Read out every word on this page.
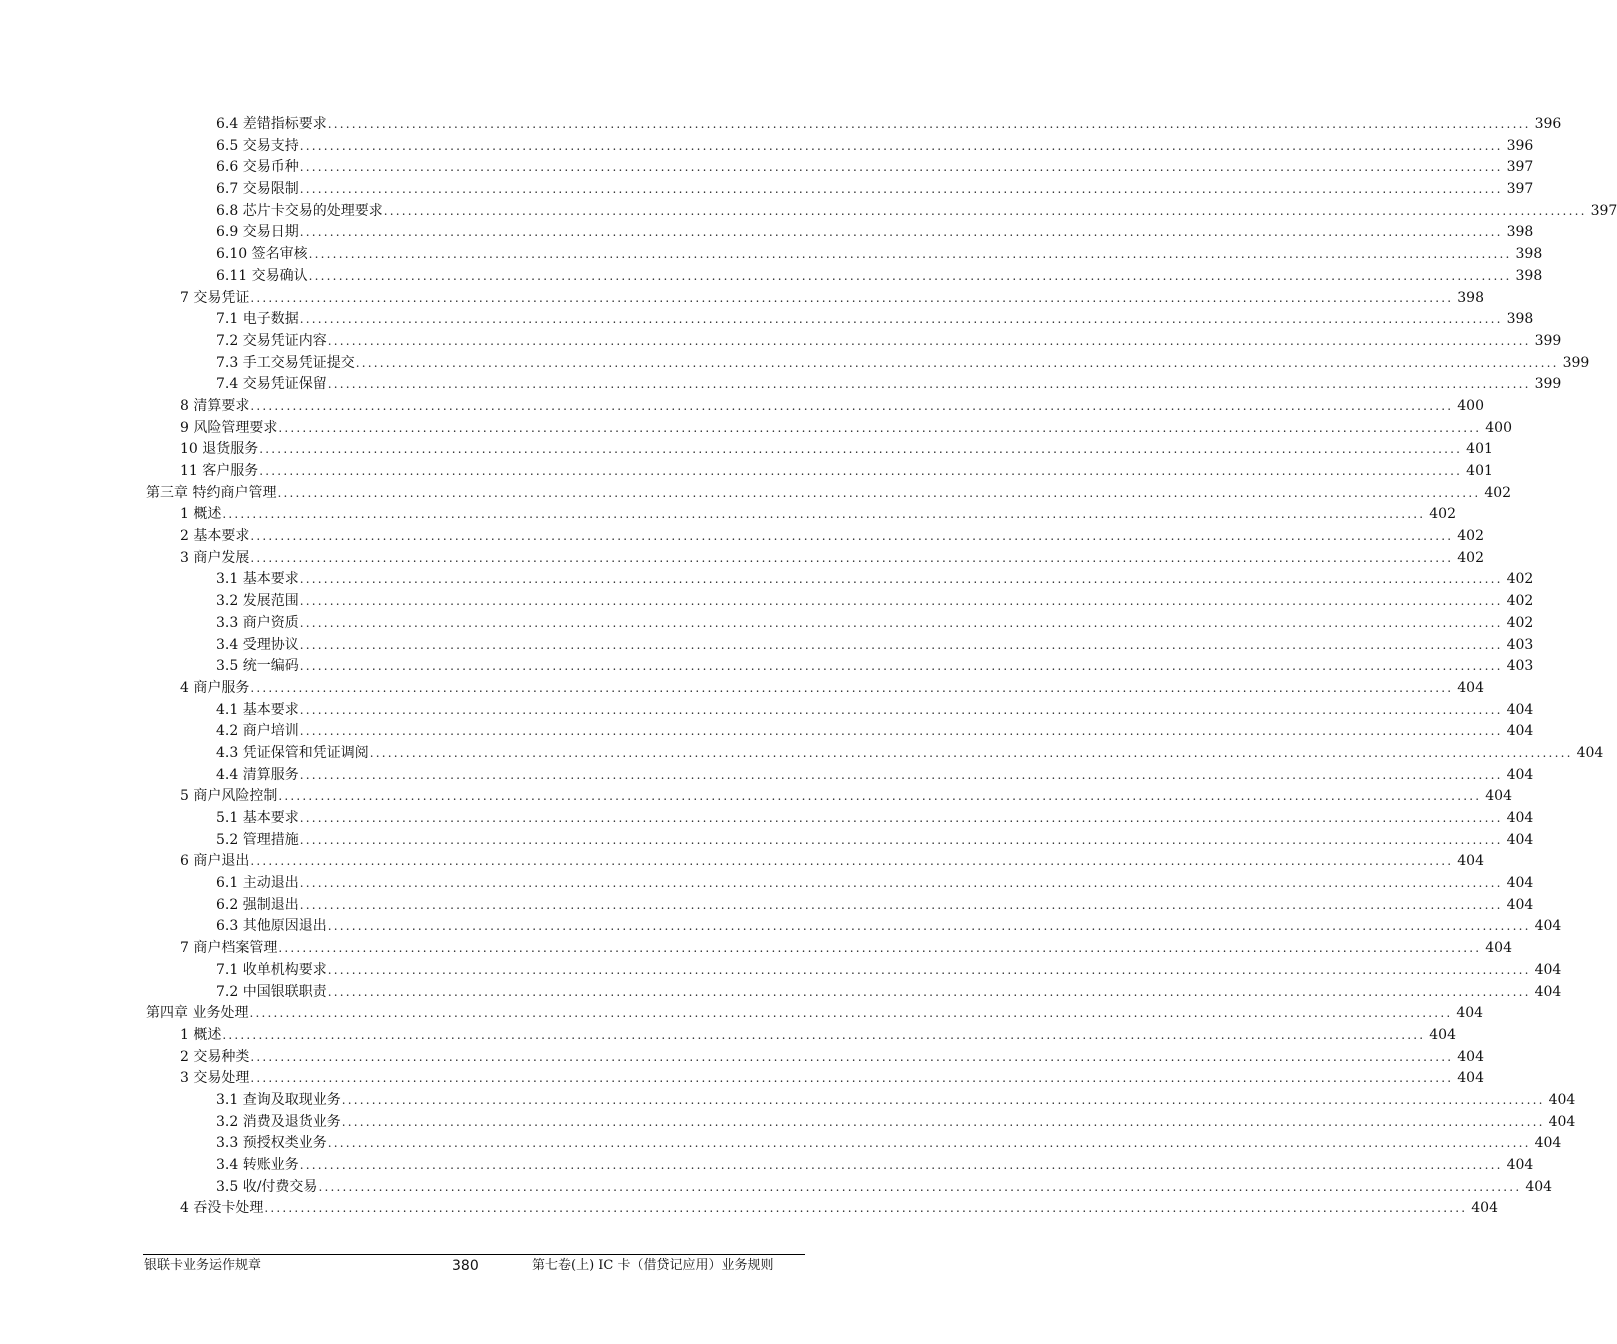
6.4 差错指标要求 ........................................................................................................................................................................................................ 396
6.5 交易支持 ........................................................................................................................................................................................................ 396
6.6 交易币种 ........................................................................................................................................................................................................ 397
6.7 交易限制 ........................................................................................................................................................................................................ 397
6.8 芯片卡交易的处理要求 ........................................................................................................................................................................................................ 397
6.9 交易日期 ........................................................................................................................................................................................................ 398
6.10 签名审核 ........................................................................................................................................................................................................ 398
6.11 交易确认 ........................................................................................................................................................................................................ 398
7 交易凭证 ........................................................................................................................................................................................................ 398
7.1 电子数据 ........................................................................................................................................................................................................ 398
7.2 交易凭证内容 ........................................................................................................................................................................................................ 399
7.3 手工交易凭证提交 ........................................................................................................................................................................................................ 399
7.4 交易凭证保留 ........................................................................................................................................................................................................ 399
8 清算要求 ........................................................................................................................................................................................................ 400
9 风险管理要求 ........................................................................................................................................................................................................ 400
10 退货服务 ........................................................................................................................................................................................................ 401
11 客户服务 ........................................................................................................................................................................................................ 401
第三章 特约商户管理 ........................................................................................................................................................................................................ 402
1 概述 ........................................................................................................................................................................................................ 402
2 基本要求 ........................................................................................................................................................................................................ 402
3 商户发展 ........................................................................................................................................................................................................ 402
3.1 基本要求 ........................................................................................................................................................................................................ 402
3.2 发展范围 ........................................................................................................................................................................................................ 402
3.3 商户资质 ........................................................................................................................................................................................................ 402
3.4 受理协议 ........................................................................................................................................................................................................ 403
3.5 统一编码 ........................................................................................................................................................................................................ 403
4 商户服务 ........................................................................................................................................................................................................ 404
4.1 基本要求 ........................................................................................................................................................................................................ 404
4.2 商户培训 ........................................................................................................................................................................................................ 404
4.3 凭证保管和凭证调阅 ........................................................................................................................................................................................................ 404
4.4 清算服务 ........................................................................................................................................................................................................ 404
5 商户风险控制 ........................................................................................................................................................................................................ 404
5.1 基本要求 ........................................................................................................................................................................................................ 404
5.2 管理措施 ........................................................................................................................................................................................................ 404
6 商户退出 ........................................................................................................................................................................................................ 404
6.1 主动退出 ........................................................................................................................................................................................................ 404
6.2 强制退出 ........................................................................................................................................................................................................ 404
6.3 其他原因退出 ........................................................................................................................................................................................................ 404
7 商户档案管理 ........................................................................................................................................................................................................ 404
7.1 收单机构要求 ........................................................................................................................................................................................................ 404
7.2 中国银联职责 ........................................................................................................................................................................................................ 404
第四章 业务处理 ........................................................................................................................................................................................................ 404
1 概述 ........................................................................................................................................................................................................ 404
2 交易种类 ........................................................................................................................................................................................................ 404
3 交易处理 ........................................................................................................................................................................................................ 404
3.1 查询及取现业务 ........................................................................................................................................................................................................ 404
3.2 消费及退货业务 ........................................................................................................................................................................................................ 404
3.3 预授权类业务 ........................................................................................................................................................................................................ 404
3.4 转账业务 ........................................................................................................................................................................................................ 404
3.5 收/付费交易 ........................................................................................................................................................................................................ 404
4 吞没卡处理 ........................................................................................................................................................................................................ 404
银联卡业务运作规章	380	第七卷(上) IC 卡（借贷记应用）业务规则
